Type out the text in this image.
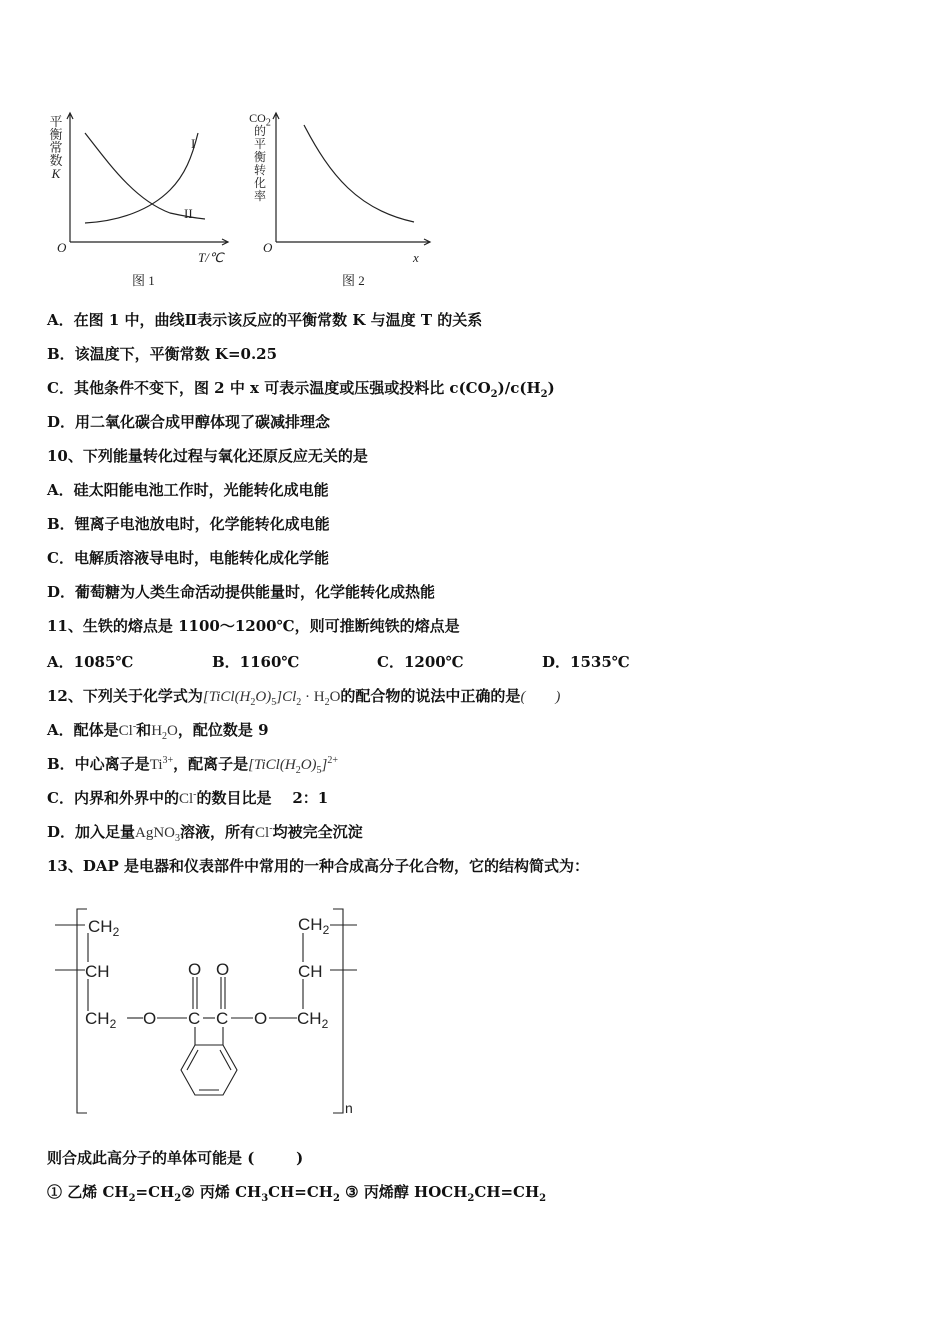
平
衡
常
数
K
O
I
II
T/℃
图 1
$CO_2$
的
平
衡
转
化
率
O
x
图 2
A．在图 1 中，曲线Ⅱ表示该反应的平衡常数 K 与温度 T 的关系
B．该温度下，平衡常数 K=0.25
C．其他条件不变下，图 2 中 x 可表示温度或压强或投料比 $c(CO_2)/c(H_2)$
D．用二氧化碳合成甲醇体现了碳减排理念
10、下列能量转化过程与氧化还原反应无关的是
A．硅太阳能电池工作时，光能转化成电能
B．锂离子电池放电时，化学能转化成电能
C．电解质溶液导电时，电能转化成化学能
D．葡萄糖为人类生命活动提供能量时，化学能转化成热能
11、生铁的熔点是 1100～1200℃，则可推断纯铁的熔点是
A．1085℃	B．1160℃	C．1200℃	D．1535℃
12、下列关于化学式为$[TiCl(H_2O)_5]Cl_2 \cdot H_2O$的配合物的说法中正确的是(        )
A．配体是Cl-和$H_2O$，配位数是 9
B．中心离子是$Ti^{3+}$，配离子是$[TiCl(H_2O)_5]^{2+}$
C．内界和外界中的Cl-的数目比是    2：1
D．加入足量AgNO$_3$溶液，所有Cl-均被完全沉淀
13、DAP 是电器和仪表部件中常用的一种合成高分子化合物，它的结构简式为：
$CH_2$
CH
$CH_2$ O C
O O
C O $CH_2$
CH
$CH_2$
n
则合成此高分子的单体可能是 (        )
① 乙烯 $CH_2=CH_2②$ 丙烯 $CH_3CH=CH_2$ ③ 丙烯醇 $HOCH_2CH=CH_2$
